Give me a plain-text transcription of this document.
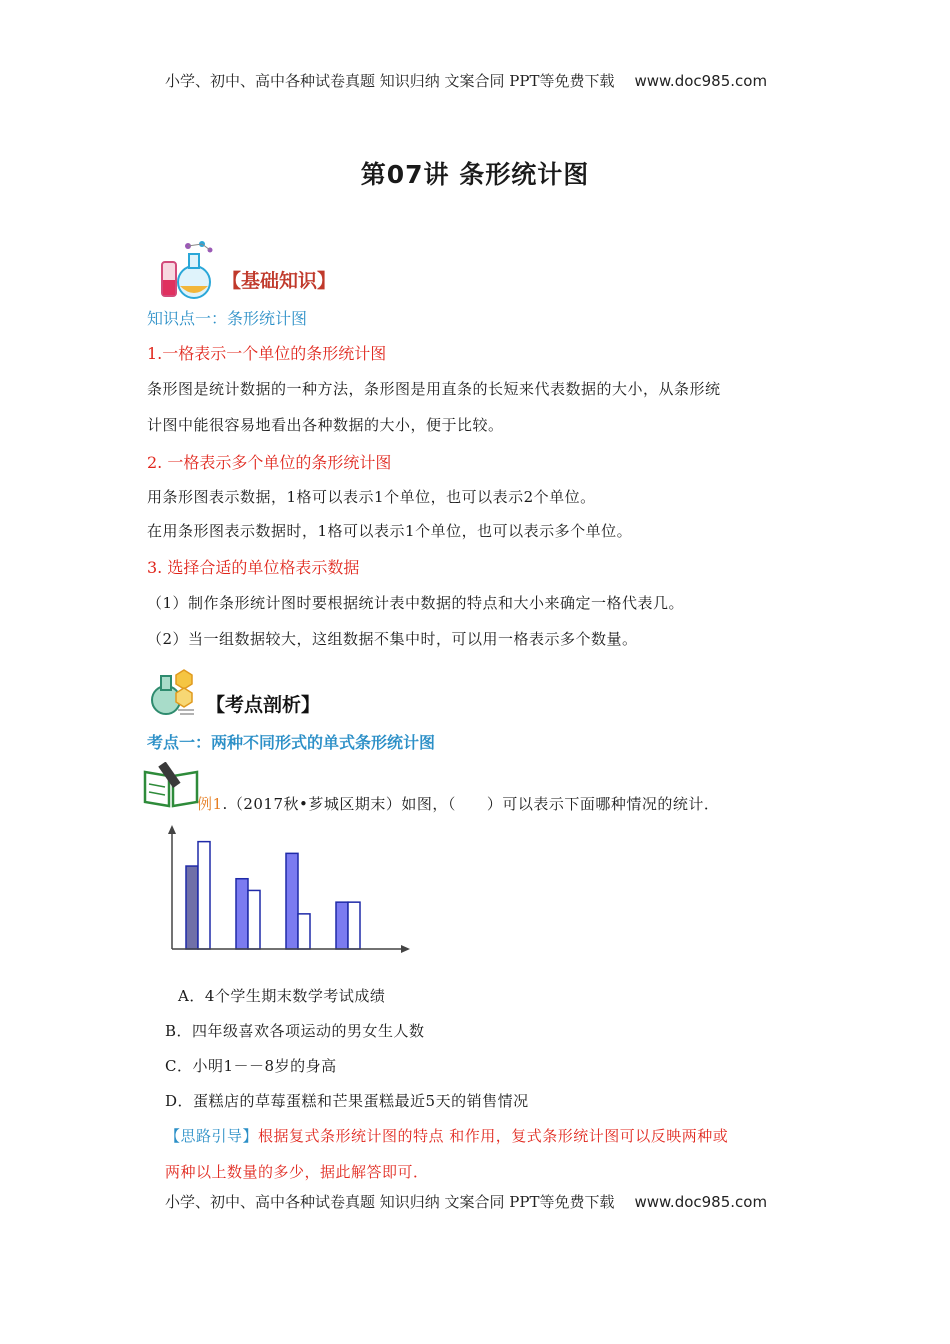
小学、初中、高中各种试卷真题 知识归纳 文案合同 PPT等免费下载 www.doc985.com
第07讲 条形统计图
【基础知识】
知识点一：条形统计图
1.一格表示一个单位的条形统计图
条形图是统计数据的一种方法，条形图是用直条的长短来代表数据的大小，从条形统
计图中能很容易地看出各种数据的大小，便于比较。
2. 一格表示多个单位的条形统计图
用条形图表示数据，1格可以表示1个单位，也可以表示2个单位。
在用条形图表示数据时，1格可以表示1个单位，也可以表示多个单位。
3. 选择合适的单位格表示数据
（1）制作条形统计图时要根据统计表中数据的特点和大小来确定一格代表几。
（2）当一组数据较大，这组数据不集中时，可以用一格表示多个数量。
【考点剖析】
考点一：两种不同形式的单式条形统计图
例1.（2017秋•芗城区期末）如图，（　　）可以表示下面哪种情况的统计．
A．4个学生期末数学考试成绩
B．四年级喜欢各项运动的男女生人数
C．小明1－－8岁的身高
D．蛋糕店的草莓蛋糕和芒果蛋糕最近5天的销售情况
【思路引导】根据复式条形统计图的特点 和作用，复式条形统计图可以反映两种或
两种以上数量的多少，据此解答即可．
小学、初中、高中各种试卷真题 知识归纳 文案合同 PPT等免费下载 www.doc985.com
